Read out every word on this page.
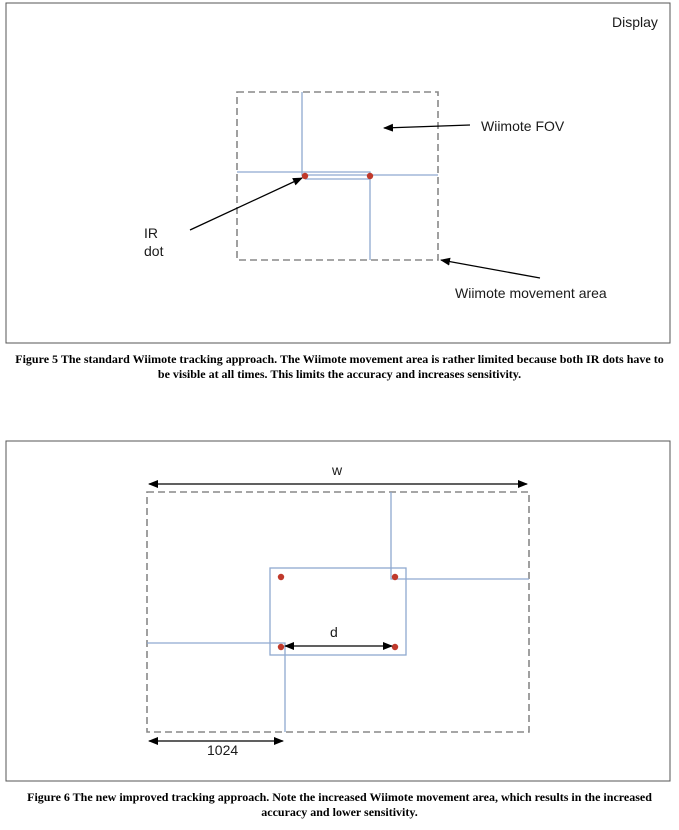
Display
Wiimote FOV
IR
dot
Wiimote movement area

Figure 5 The standard Wiimote tracking approach. The Wiimote movement area is rather limited because both IR dots have to be visible at all times. This limits the accuracy and increases sensitivity.

w
d
1024

Figure 6 The new improved tracking approach. Note the increased Wiimote movement area, which results in the increased accuracy and lower sensitivity.
